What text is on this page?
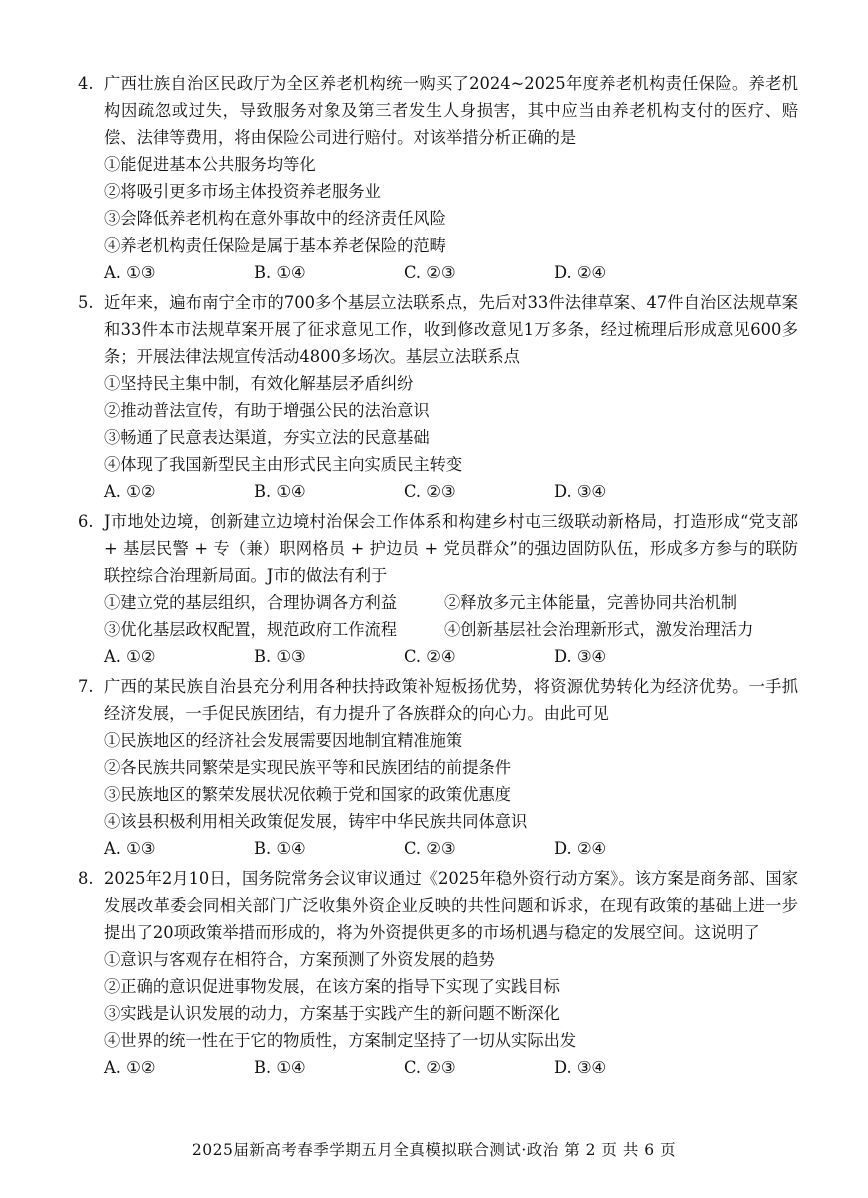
4. 广西壮族自治区民政厅为全区养老机构统一购买了2024~2025年度养老机构责任保险。养老机构因疏忽或过失，导致服务对象及第三者发生人身损害，其中应当由养老机构支付的医疗、赔偿、法律等费用，将由保险公司进行赔付。对该举措分析正确的是
①能促进基本公共服务均等化
②将吸引更多市场主体投资养老服务业
③会降低养老机构在意外事故中的经济责任风险
④养老机构责任保险是属于基本养老保险的范畴
A. ①③	B. ①④	C. ②③	D. ②④
5. 近年来，遍布南宁全市的700多个基层立法联系点，先后对33件法律草案、47件自治区法规草案和33件本市法规草案开展了征求意见工作，收到修改意见1万多条，经过梳理后形成意见600多条；开展法律法规宣传活动4800多场次。基层立法联系点
①坚持民主集中制，有效化解基层矛盾纠纷
②推动普法宣传，有助于增强公民的法治意识
③畅通了民意表达渠道，夯实立法的民意基础
④体现了我国新型民主由形式民主向实质民主转变
A. ①②	B. ①④	C. ②③	D. ③④
6. J市地处边境，创新建立边境村治保会工作体系和构建乡村屯三级联动新格局，打造形成“党支部 + 基层民警 + 专（兼）职网格员 + 护边员 + 党员群众”的强边固防队伍，形成多方参与的联防联控综合治理新局面。J市的做法有利于
①建立党的基层组织，合理协调各方利益	②释放多元主体能量，完善协同共治机制
③优化基层政权配置，规范政府工作流程	④创新基层社会治理新形式，激发治理活力
A. ①②	B. ①③	C. ②④	D. ③④
7. 广西的某民族自治县充分利用各种扶持政策补短板扬优势，将资源优势转化为经济优势。一手抓经济发展，一手促民族团结，有力提升了各族群众的向心力。由此可见
①民族地区的经济社会发展需要因地制宜精准施策
②各民族共同繁荣是实现民族平等和民族团结的前提条件
③民族地区的繁荣发展状况依赖于党和国家的政策优惠度
④该县积极利用相关政策促发展，铸牢中华民族共同体意识
A. ①③	B. ①④	C. ②③	D. ②④
8. 2025年2月10日，国务院常务会议审议通过《2025年稳外资行动方案》。该方案是商务部、国家发展改革委会同相关部门广泛收集外资企业反映的共性问题和诉求，在现有政策的基础上进一步提出了20项政策举措而形成的，将为外资提供更多的市场机遇与稳定的发展空间。这说明了
①意识与客观存在相符合，方案预测了外资发展的趋势
②正确的意识促进事物发展，在该方案的指导下实现了实践目标
③实践是认识发展的动力，方案基于实践产生的新问题不断深化
④世界的统一性在于它的物质性，方案制定坚持了一切从实际出发
A. ①②	B. ①④	C. ②③	D. ③④
2025届新高考春季学期五月全真模拟联合测试·政治 第 2 页 共 6 页
